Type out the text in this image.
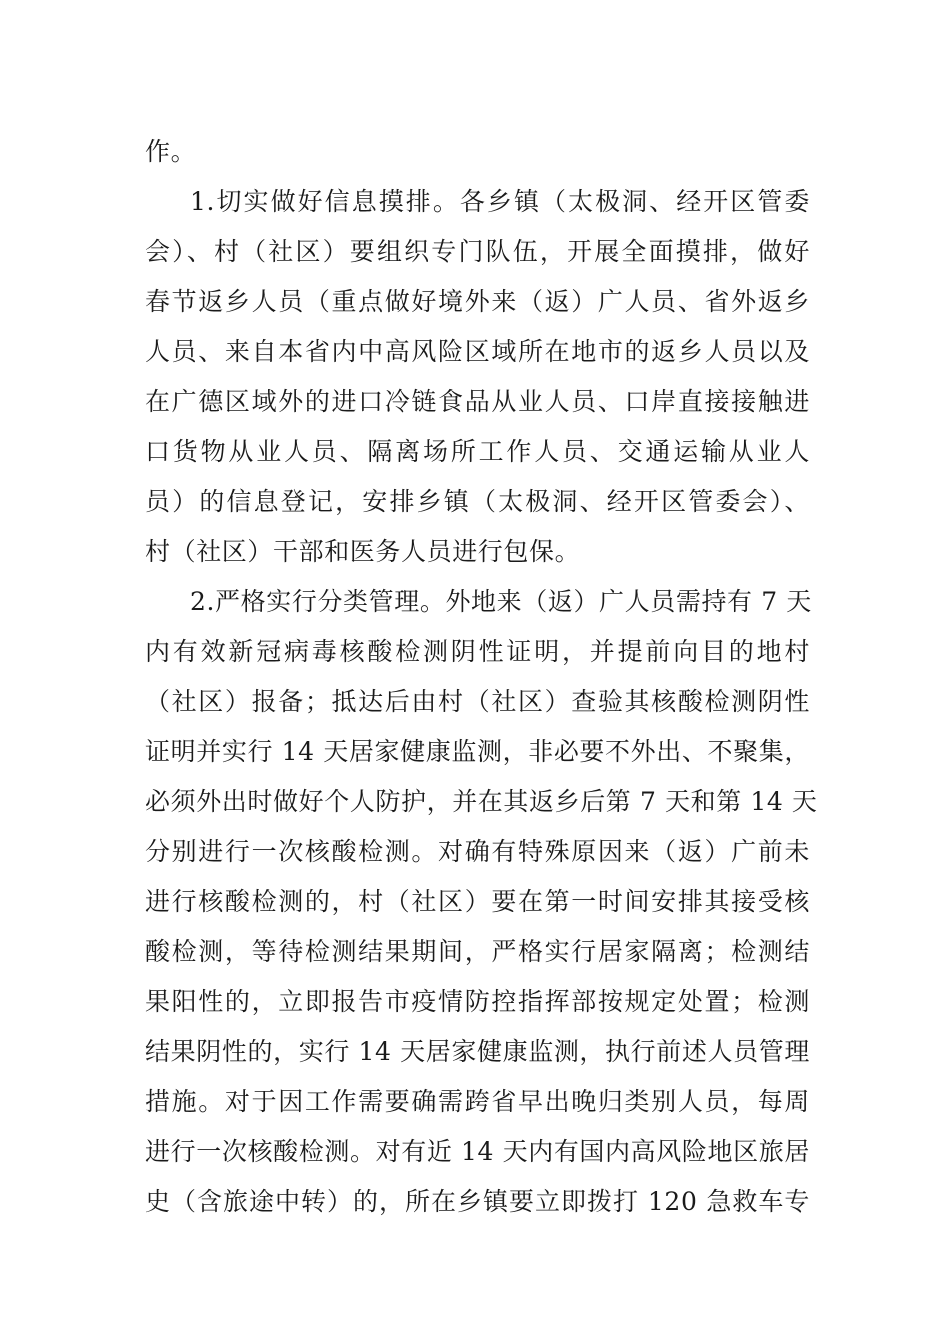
作。
1.切实做好信息摸排。各乡镇（太极洞、经开区管委
会）、村（社区）要组织专门队伍，开展全面摸排，做好
春节返乡人员（重点做好境外来（返）广人员、省外返乡
人员、来自本省内中高风险区域所在地市的返乡人员以及
在广德区域外的进口冷链食品从业人员、口岸直接接触进
口货物从业人员、隔离场所工作人员、交通运输从业人
员）的信息登记，安排乡镇（太极洞、经开区管委会）、
村（社区）干部和医务人员进行包保。
2.严格实行分类管理。外地来（返）广人员需持有 7 天
内有效新冠病毒核酸检测阴性证明，并提前向目的地村
（社区）报备；抵达后由村（社区）查验其核酸检测阴性
证明并实行 14 天居家健康监测，非必要不外出、不聚集，
必须外出时做好个人防护，并在其返乡后第 7 天和第 14 天
分别进行一次核酸检测。对确有特殊原因来（返）广前未
进行核酸检测的，村（社区）要在第一时间安排其接受核
酸检测，等待检测结果期间，严格实行居家隔离；检测结
果阳性的，立即报告市疫情防控指挥部按规定处置；检测
结果阴性的，实行 14 天居家健康监测，执行前述人员管理
措施。对于因工作需要确需跨省早出晚归类别人员，每周
进行一次核酸检测。对有近 14 天内有国内高风险地区旅居
史（含旅途中转）的，所在乡镇要立即拨打 120 急救车专
